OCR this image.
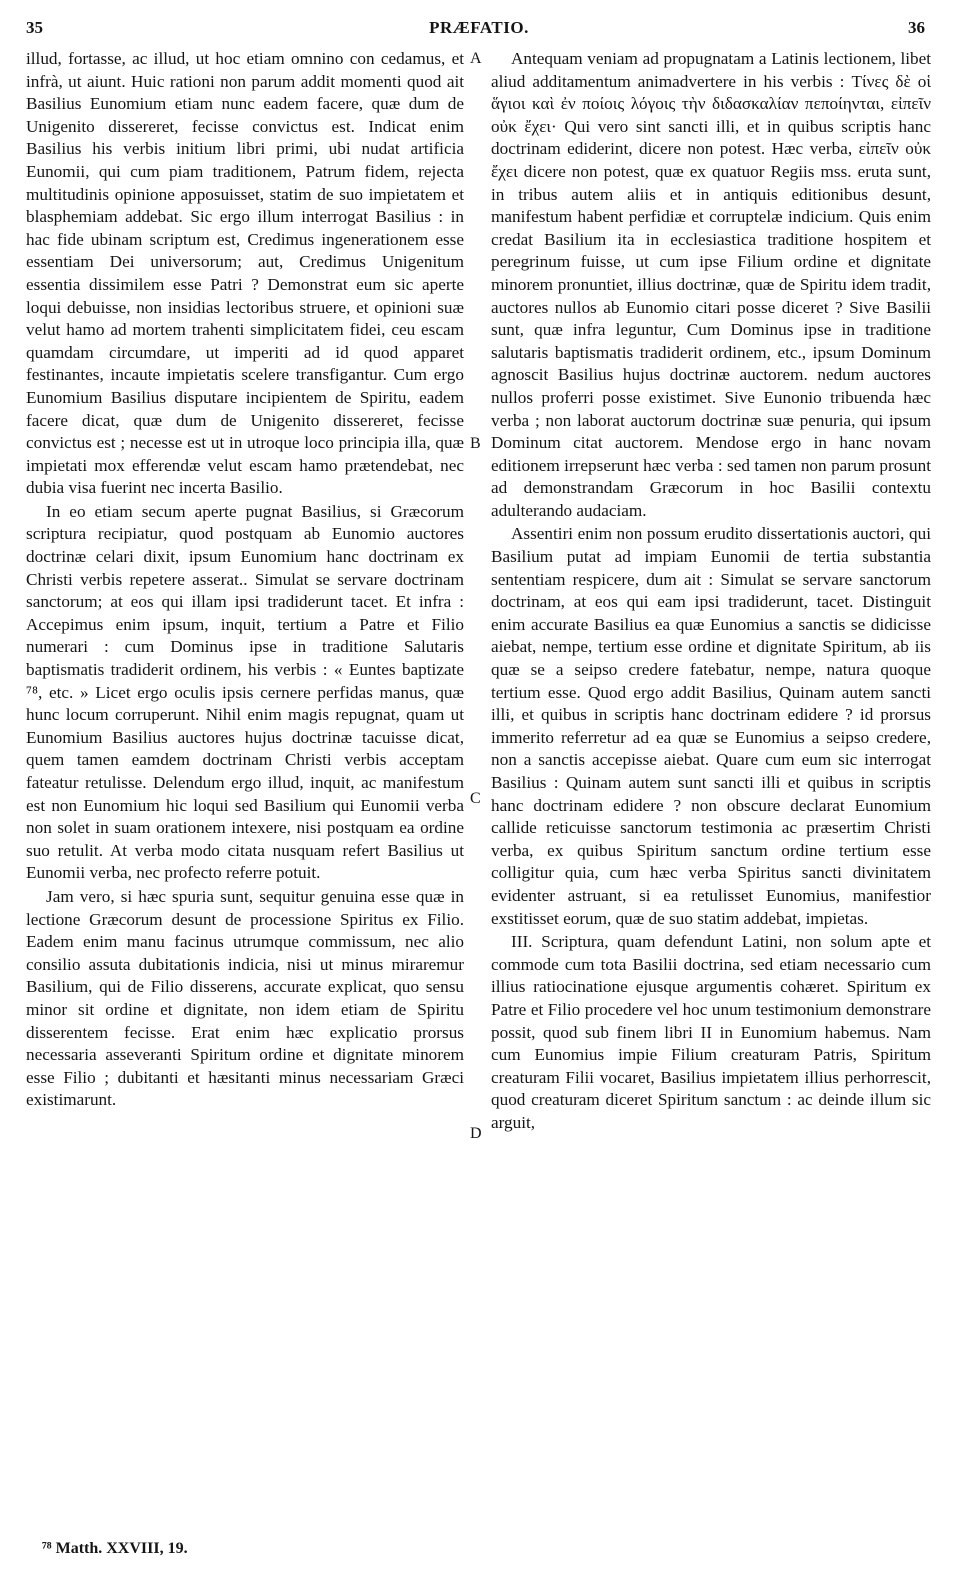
35	PRÆFATIO.	36

illud, fortasse, ac illud, ut hoc etiam omnino con cedamus, et infrà, ut aiunt. Huic rationi non parum addit momenti quod ait Basilius Eunomium etiam nunc eadem facere, quæ dum de Unigenito dissereret, fecisse convictus est. Indicat enim Basilius his verbis initium libri primi, ubi nudat artificia Eunomii, qui cum piam traditionem, Patrum fidem, rejecta multitudinis opinione apposuisset, statim de suo impietatem et blasphemiam addebat. Sic ergo illum interrogat Basilius : in hac fide ubinam scriptum est, Credimus ingenerationem esse essentiam Dei universorum; aut, Credimus Unigenitum essentia dissimilem esse Patri ? Demonstrat eum sic aperte loqui debuisse, non insidias lectoribus struere, et opinioni suæ velut hamo ad mortem trahenti simplicitatem fidei, ceu escam quamdam circumdare, ut imperiti ad id quod apparet festinantes, incaute impietatis scelere transfigantur. Cum ergo Eunomium Basilius disputare incipientem de Spiritu, eadem facere dicat, quæ dum de Unigenito dissereret, fecisse convictus est ; necesse est ut in utroque loco principia illa, quæ impietati mox efferendæ velut escam hamo prætendebat, nec dubia visa fuerint nec incerta Basilio.

In eo etiam secum aperte pugnat Basilius, si Græcorum scriptura recipiatur, quod postquam ab Eunomio auctores doctrinæ celari dixit, ipsum Eunomium hanc doctrinam ex Christi verbis repetere asserat.. Simulat se servare doctrinam sanctorum; at eos qui illam ipsi tradiderunt tacet. Et infra : Accepimus enim ipsum, inquit, tertium a Patre et Filio numerari : cum Dominus ipse in traditione Salutaris baptismatis tradiderit ordinem, his verbis : « Euntes baptizate ⁷⁸, etc. » Licet ergo oculis ipsis cernere perfidas manus, quæ hunc locum corruperunt. Nihil enim magis repugnat, quam ut Eunomium Basilius auctores hujus doctrinæ tacuisse dicat, quem tamen eamdem doctrinam Christi verbis acceptam fateatur retulisse. Delendum ergo illud, inquit, ac manifestum est non Eunomium hic loqui sed Basilium qui Eunomii verba non solet in suam orationem intexere, nisi postquam ea ordine suo retulit. At verba modo citata nusquam refert Basilius ut Eunomii verba, nec profecto referre potuit.

Jam vero, si hæc spuria sunt, sequitur genuina esse quæ in lectione Græcorum desunt de processione Spiritus ex Filio. Eadem enim manu facinus utrumque commissum, nec alio consilio assuta dubitationis indicia, nisi ut minus miraremur Basilium, qui de Filio disserens, accurate explicat, quo sensu minor sit ordine et dignitate, non idem etiam de Spiritu disserentem fecisse. Erat enim hæc explicatio prorsus necessaria asseveranti Spiritum ordine et dignitate minorem esse Filio ; dubitanti et hæsitanti minus necessariam Græci existimarunt.

A
B
C
D

Antequam veniam ad propugnatam a Latinis lectionem, libet aliud additamentum animadvertere in his verbis : Τίνες δὲ οἱ ἅγιοι καὶ ἐν ποίοις λόγοις τὴν διδασκαλίαν πεποίηνται, εἰπεῖν οὐκ ἔχει· Qui vero sint sancti illi, et in quibus scriptis hanc doctrinam ediderint, dicere non potest. Hæc verba, εἰπεῖν οὐκ ἔχει dicere non potest, quæ ex quatuor Regiis mss. eruta sunt, in tribus autem aliis et in antiquis editionibus desunt, manifestum habent perfidiæ et corruptelæ indicium. Quis enim credat Basilium ita in ecclesiastica traditione hospitem et peregrinum fuisse, ut cum ipse Filium ordine et dignitate minorem pronuntiet, illius doctrinæ, quæ de Spiritu idem tradit, auctores nullos ab Eunomio citari posse diceret ? Sive Basilii sunt, quæ infra leguntur, Cum Dominus ipse in traditione salutaris baptismatis tradiderit ordinem, etc., ipsum Dominum agnoscit Basilius hujus doctrinæ auctorem. nedum auctores nullos proferri posse existimet. Sive Eunonio tribuenda hæc verba ; non laborat auctorum doctrinæ suæ penuria, qui ipsum Dominum citat auctorem. Mendose ergo in hanc novam editionem irrepserunt hæc verba : sed tamen non parum prosunt ad demonstrandam Græcorum in hoc Basilii contextu adulterando audaciam.

Assentiri enim non possum erudito dissertationis auctori, qui Basilium putat ad impiam Eunomii de tertia substantia sententiam respicere, dum ait : Simulat se servare sanctorum doctrinam, at eos qui eam ipsi tradiderunt, tacet. Distinguit enim accurate Basilius ea quæ Eunomius a sanctis se didicisse aiebat, nempe, tertium esse ordine et dignitate Spiritum, ab iis quæ se a seipso credere fatebatur, nempe, natura quoque tertium esse. Quod ergo addit Basilius, Quinam autem sancti illi, et quibus in scriptis hanc doctrinam edidere ? id prorsus immerito referretur ad ea quæ se Eunomius a seipso credere, non a sanctis accepisse aiebat. Quare cum eum sic interrogat Basilius : Quinam autem sunt sancti illi et quibus in scriptis hanc doctrinam edidere ? non obscure declarat Eunomium callide reticuisse sanctorum testimonia ac præsertim Christi verba, ex quibus Spiritum sanctum ordine tertium esse colligitur quia, cum hæc verba Spiritus sancti divinitatem evidenter astruant, si ea retulisset Eunomius, manifestior exstitisset eorum, quæ de suo statim addebat, impietas.

III. Scriptura, quam defendunt Latini, non solum apte et commode cum tota Basilii doctrina, sed etiam necessario cum illius ratiocinatione ejusque argumentis cohæret. Spiritum ex Patre et Filio procedere vel hoc unum testimonium demonstrare possit, quod sub finem libri II in Eunomium habemus. Nam cum Eunomius impie Filium creaturam Patris, Spiritum creaturam Filii vocaret, Basilius impietatem illius perhorrescit, quod creaturam diceret Spiritum sanctum : ac deinde illum sic arguit,

⁷⁸ Matth. XXVIII, 19.
